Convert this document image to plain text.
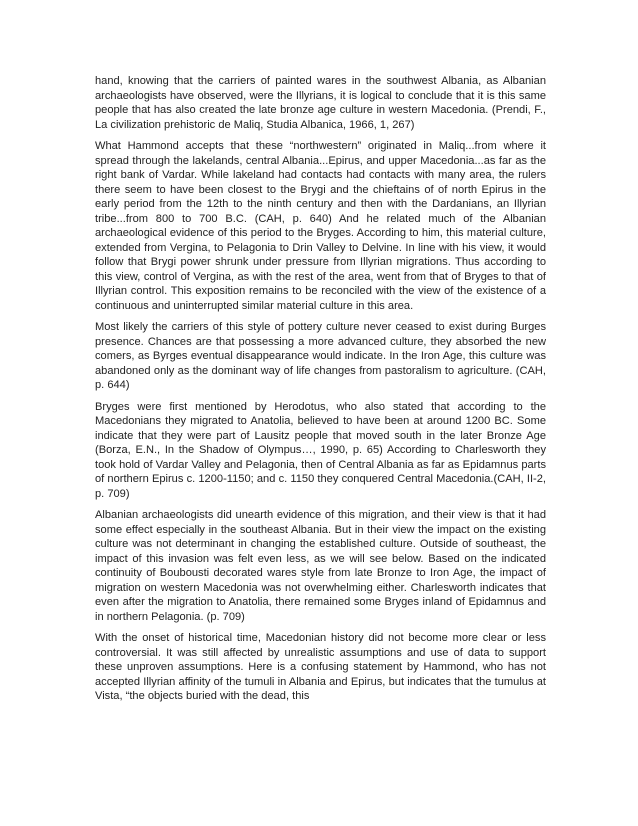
hand, knowing that the carriers of painted wares in the southwest Albania, as Albanian archaeologists have observed, were the Illyrians, it is logical to conclude that it is this same people that has also created the late bronze age culture in western Macedonia. (Prendi, F., La civilization prehistoric de Maliq, Studia Albanica, 1966, 1, 267)

What Hammond accepts that these “northwestern” originated in Maliq...from where it spread through the lakelands, central Albania...Epirus, and upper Macedonia...as far as the right bank of Vardar. While lakeland had contacts had contacts with many area, the rulers there seem to have been closest to the Brygi and the chieftains of of north Epirus in the early period from the 12th to the ninth century and then with the Dardanians, an Illyrian tribe...from 800 to 700 B.C. (CAH, p. 640) And he related much of the Albanian archaeological evidence of this period to the Bryges. According to him, this material culture, extended from Vergina, to Pelagonia to Drin Valley to Delvine. In line with his view, it would follow that Brygi power shrunk under pressure from Illyrian migrations. Thus according to this view, control of Vergina, as with the rest of the area, went from that of Bryges to that of Illyrian control. This exposition remains to be reconciled with the view of the existence of a continuous and uninterrupted similar material culture in this area.

Most likely the carriers of this style of pottery culture never ceased to exist during Burges presence. Chances are that possessing a more advanced culture, they absorbed the new comers, as Byrges eventual disappearance would indicate. In the Iron Age, this culture was abandoned only as the dominant way of life changes from pastoralism to agriculture. (CAH, p. 644)

Bryges were first mentioned by Herodotus, who also stated that according to the Macedonians they migrated to Anatolia, believed to have been at around 1200 BC. Some indicate that they were part of Lausitz people that moved south in the later Bronze Age (Borza, E.N., In the Shadow of Olympus…, 1990, p. 65) According to Charlesworth they took hold of Vardar Valley and Pelagonia, then of Central Albania as far as Epidamnus parts of northern Epirus c. 1200-1150; and c. 1150 they conquered Central Macedonia.(CAH, II-2, p. 709)

Albanian archaeologists did unearth evidence of this migration, and their view is that it had some effect especially in the southeast Albania. But in their view the impact on the existing culture was not determinant in changing the established culture. Outside of southeast, the impact of this invasion was felt even less, as we will see below. Based on the indicated continuity of Boubousti decorated wares style from late Bronze to Iron Age, the impact of migration on western Macedonia was not overwhelming either. Charlesworth indicates that even after the migration to Anatolia, there remained some Bryges inland of Epidamnus and in northern Pelagonia. (p. 709)

With the onset of historical time, Macedonian history did not become more clear or less controversial. It was still affected by unrealistic assumptions and use of data to support these unproven assumptions. Here is a confusing statement by Hammond, who has not accepted Illyrian affinity of the tumuli in Albania and Epirus, but indicates that the tumulus at Vista, “the objects buried with the dead, this
